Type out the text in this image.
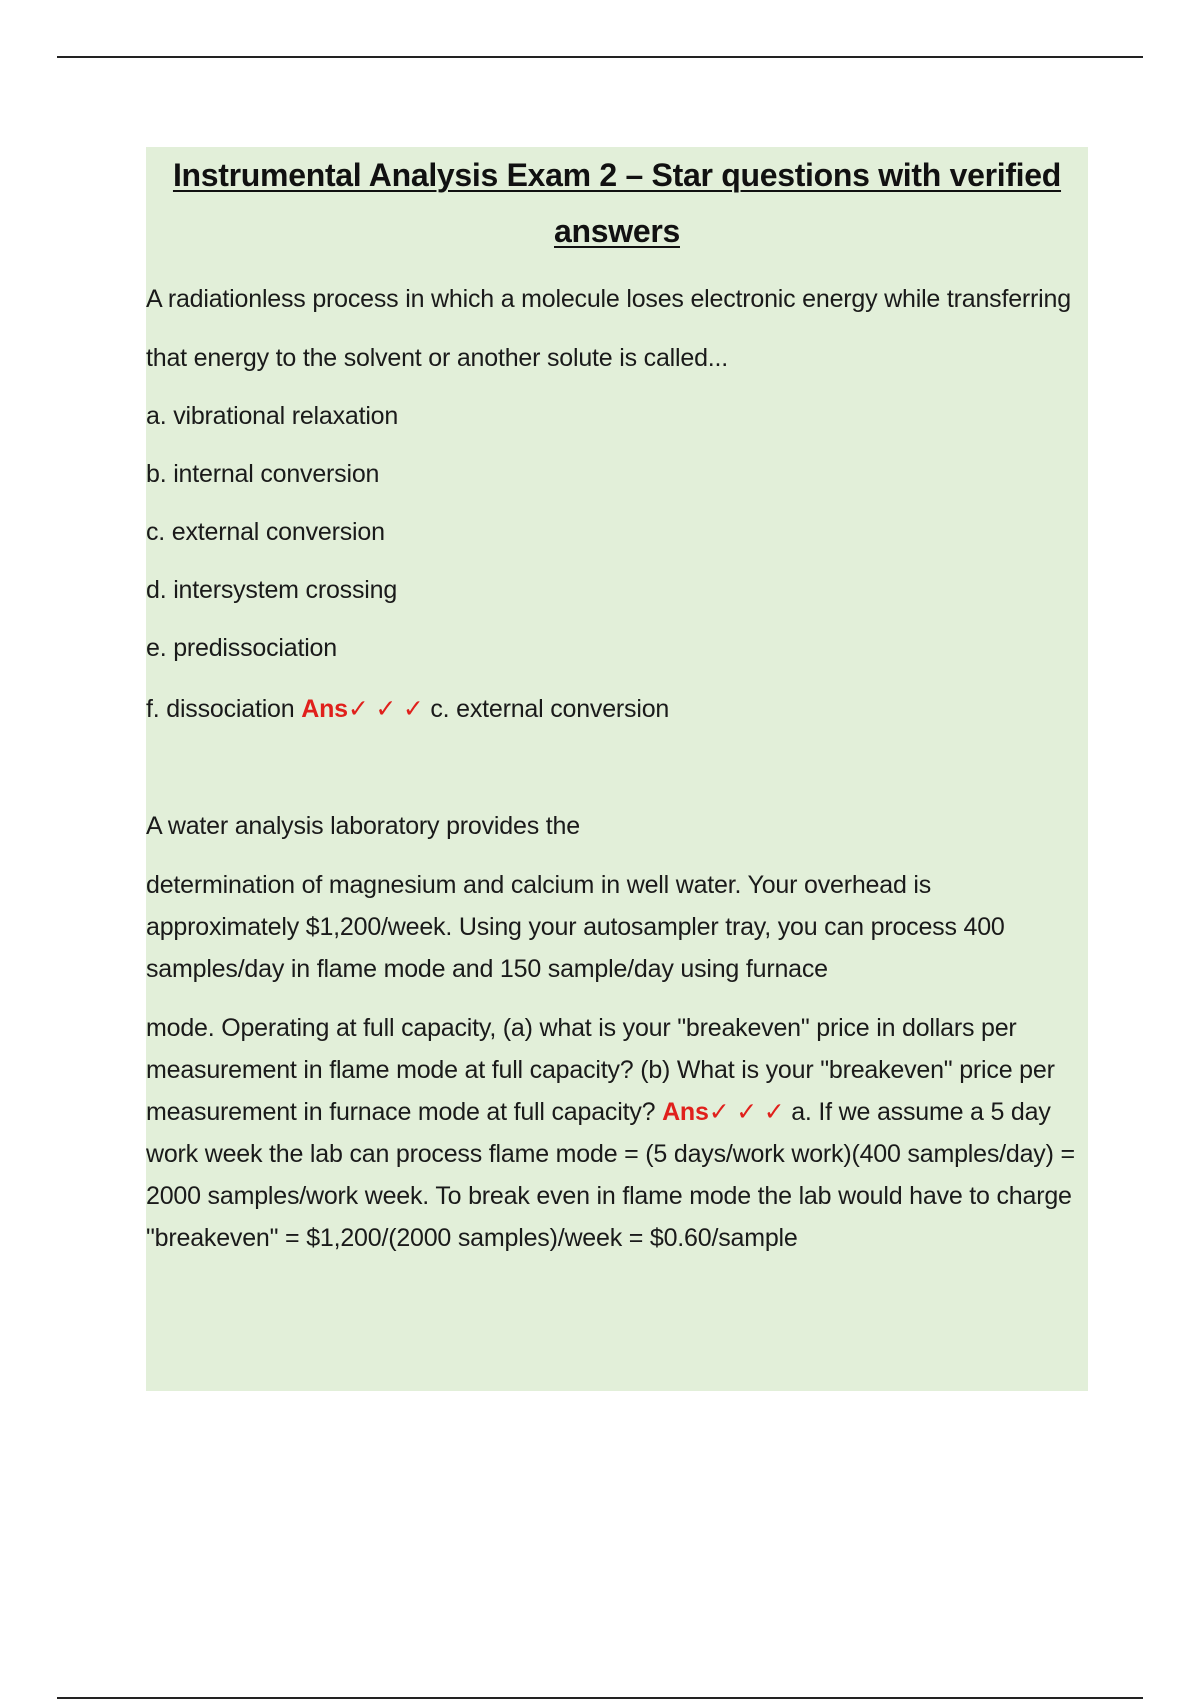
Instrumental Analysis Exam 2 – Star questions with verified answers

A radiationless process in which a molecule loses electronic energy while transferring

that energy to the solvent or another solute is called...

a. vibrational relaxation

b. internal conversion

c. external conversion

d. intersystem crossing

e. predissociation

f. dissociation Ans✓ ✓ ✓ c. external conversion

A water analysis laboratory provides the

determination of magnesium and calcium in well water. Your overhead is approximately $1,200/week. Using your autosampler tray, you can process 400 samples/day in flame mode and 150 sample/day using furnace

mode. Operating at full capacity, (a) what is your "breakeven" price in dollars per measurement in flame mode at full capacity? (b) What is your "breakeven" price per measurement in furnace mode at full capacity? Ans✓ ✓ ✓ a. If we assume a 5 day work week the lab can process flame mode = (5 days/work work)(400 samples/day) = 2000 samples/work week. To break even in flame mode the lab would have to charge "breakeven" = $1,200/(2000 samples)/week = $0.60/sample
